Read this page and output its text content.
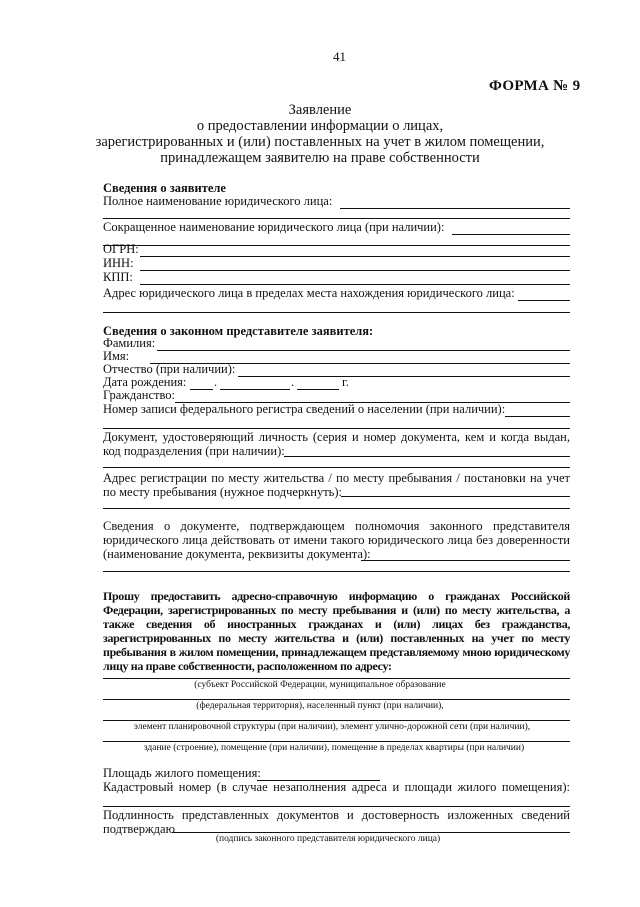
41
ФОРМА № 9
Заявление
о предоставлении информации о лицах,
зарегистрированных и (или) поставленных на учет в жилом помещении,
принадлежащем заявителю на праве собственности
Сведения о заявителе
Полное наименование юридического лица:
Сокращенное наименование юридического лица (при наличии):
ОГРН:
ИНН:
КПП:
Адрес юридического лица в пределах места нахождения юридического лица:
Сведения о законном представителе заявителя:
Фамилия:
Имя:
Отчество (при наличии):
Дата рождения: .	.	г.
Гражданство:
Номер записи федерального регистра сведений о населении (при наличии):
Документ, удостоверяющий личность (серия и номер документа, кем и когда выдан, код подразделения (при наличии):
Адрес регистрации по месту жительства / по месту пребывания / постановки на учет по месту пребывания (нужное подчеркнуть):
Сведения о документе, подтверждающем полномочия законного представителя юридического лица действовать от имени такого юридического лица без доверенности (наименование документа, реквизиты документа):
Прошу предоставить адресно-справочную информацию о гражданах Российской Федерации, зарегистрированных по месту пребывания и (или) по месту жительства, а также сведения об иностранных гражданах и (или) лицах без гражданства, зарегистрированных по месту жительства и (или) поставленных на учет по месту пребывания в жилом помещении, принадлежащем представляемому мною юридическому лицу на праве собственности, расположенном по адресу:
(субъект Российской Федерации, муниципальное образование
(федеральная территория), населенный пункт (при наличии),
элемент планировочной структуры (при наличии), элемент улично-дорожной сети (при наличии),
здание (строение), помещение (при наличии), помещение в пределах квартиры (при наличии)
Площадь жилого помещения:
Кадастровый номер (в случае незаполнения адреса и площади жилого помещения):
Подлинность представленных документов и достоверность изложенных сведений подтверждаю
(подпись законного представителя юридического лица)
